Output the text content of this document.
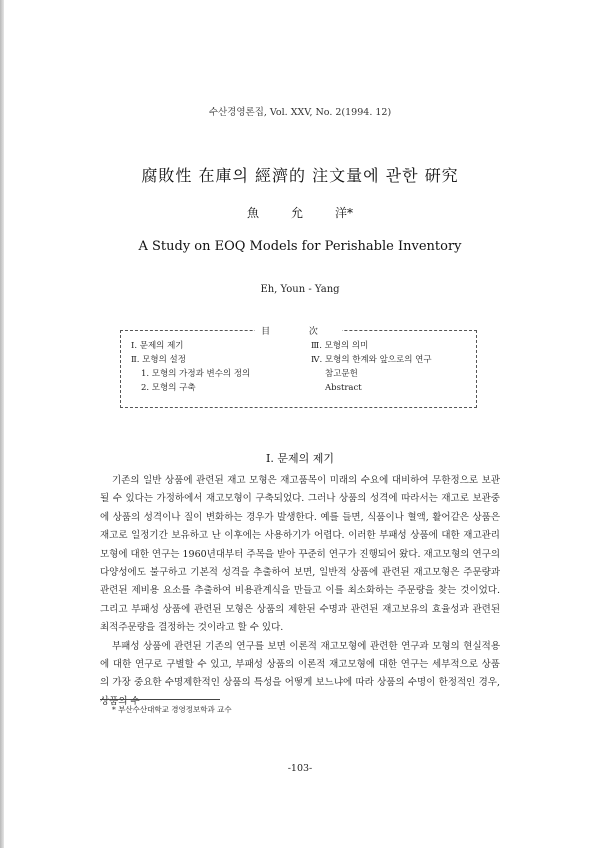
수산경영론집, Vol. XXV, No. 2(1994. 12)
腐敗性 在庫의 經濟的 注文量에 관한 硏究
魚	允	洋*
A Study on EOQ Models for Perishable Inventory
Eh, Youn - Yang
目 次
Ⅰ. 문제의 제기
Ⅱ. 모형의 설정
1. 모형의 가정과 변수의 정의
2. 모형의 구축
Ⅲ. 모형의 의미
Ⅳ. 모형의 한계와 앞으로의 연구
참고문헌
Abstract
Ⅰ. 문제의 제기

기존의 일반 상품에 관련된 재고 모형은 재고품목이 미래의 수요에 대비하여 무한정으로 보관될 수 있다는 가정하에서 재고모형이 구축되었다. 그러나 상품의 성격에 따라서는 재고로 보관중에 상품의 성격이나 질이 변화하는 경우가 발생한다. 예를 들면, 식품이나 혈액, 활어같은 상품은 재고로 일정기간 보유하고 난 이후에는 사용하기가 어렵다. 이러한 부패성 상품에 대한 재고관리모형에 대한 연구는 1960년대부터 주목을 받아 꾸준히 연구가 진행되어 왔다. 재고모형의 연구의 다양성에도 불구하고 기본적 성격을 추출하여 보면, 일반적 상품에 관련된 재고모형은 주문량과 관련된 제비용 요소를 추출하여 비용관계식을 만들고 이를 최소화하는 주문량을 찾는 것이었다. 그리고 부패성 상품에 관련된 모형은 상품의 제한된 수명과 관련된 재고보유의 효율성과 관련된 최적주문량을 결정하는 것이라고 할 수 있다.

부패성 상품에 관련된 기존의 연구를 보면 이론적 재고모형에 관련한 연구과 모형의 현실적용에 대한 연구로 구별할 수 있고, 부패성 상품의 이론적 재고모형에 대한 연구는 세부적으로 상품의 가장 중요한 수명제한적인 상품의 특성을 어떻게 보느냐에 따라 상품의 수명이 한정적인 경우, 상품의 수

* 부산수산대학교 경영정보학과 교수
-103-
